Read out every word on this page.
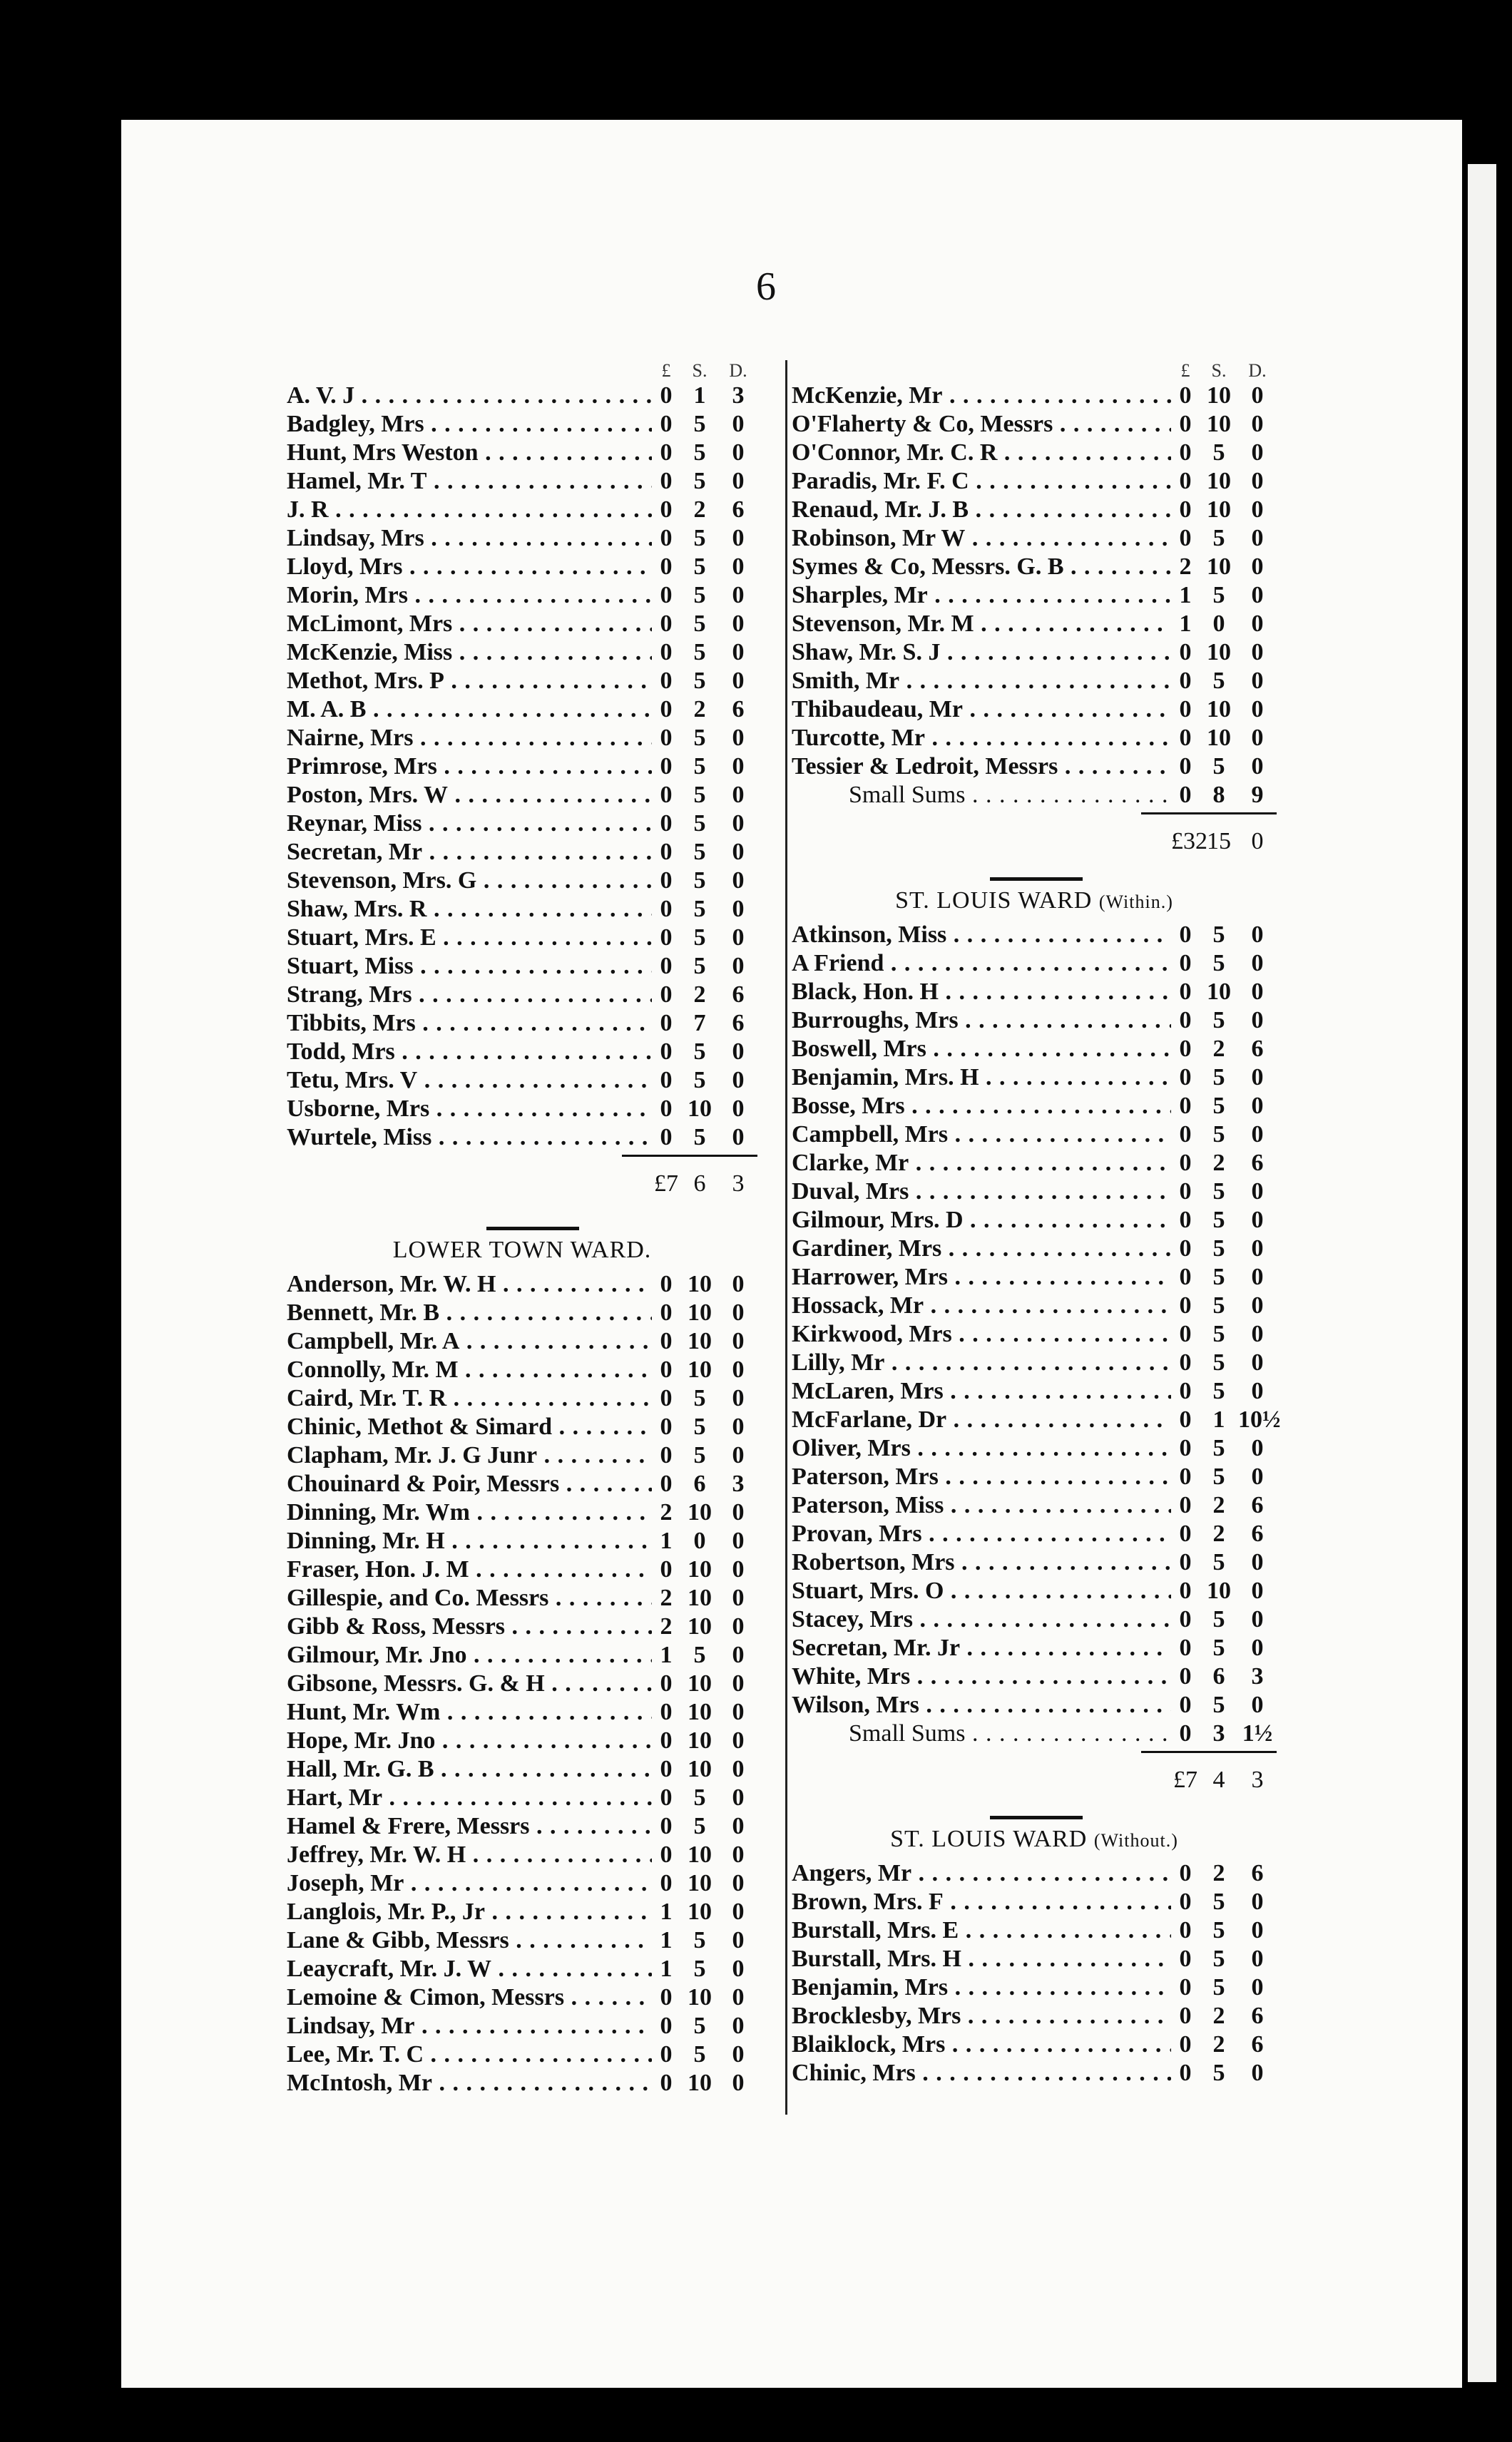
6
£	S.	D.
A. V. J . . .	0 1	3
Badgley, Mrs . . .	0 5	0
Hunt, Mrs Weston . . .	0 5	0
Hamel, Mr. T . . .	0 5	0
J. R . . .	0 2	6
Lindsay, Mrs . . .	0 5	0
Lloyd, Mrs . . .	0 5	0
Morin, Mrs . . .	0 5	0
McLimont, Mrs . . .	0 5	0
McKenzie, Miss . . .	0 5	0
Methot, Mrs. P . . .	0 5	0
M. A. B . . .	0 2	6
Nairne, Mrs . . .	0 5	0
Primrose, Mrs . . .	0 5	0
Poston, Mrs. W . . .	0 5	0
Reynar, Miss . . .	0 5	0
Secretan, Mr . . .	0 5	0
Stevenson, Mrs. G . . .	0 5	0
Shaw, Mrs. R . . .	0 5	0
Stuart, Mrs. E . . .	0 5	0
Stuart, Miss . . .	0 5	0
Strang, Mrs . . .	0 2	6
Tibbits, Mrs . . .	0 7	6
Todd, Mrs . . .	0 5	0
Tetu, Mrs. V . . .	0 5	0
Usborne, Mrs . . .	0 10 0
Wurtele, Miss . . .	0 5	0
£7 6	3
LOWER TOWN WARD.
Anderson, Mr. W. H . . .	0 10 0
Bennett, Mr. B . . .	0 10 0
Campbell, Mr. A . . .	0 10 0
Connolly, Mr. M . . .	0 10 0
Caird, Mr. T. R . . .	0 5	0
Chinic, Methot & Simard . . .	0 5	0
Clapham, Mr. J. G Junr . . .	0 5	0
Chouinard & Poir, Messrs . . .	0 6	3
Dinning, Mr. Wm . . .	2 10 0
Dinning, Mr. H . . .	1 0	0
Fraser, Hon. J. M . . .	0 10 0
Gillespie, and Co. Messrs . . .	2 10 0
Gibb & Ross, Messrs . . .	2 10 0
Gilmour, Mr. Jno . . .	1 5	0
Gibsone, Messrs. G. & H . . .	0 10 0
Hunt, Mr. Wm . . .	0 10 0
Hope, Mr. Jno . . .	0 10 0
Hall, Mr. G. B . . .	0 10 0
Hart, Mr . . .	0 5	0
Hamel & Frere, Messrs . . .	0 5	0
Jeffrey, Mr. W. H . . .	0 10 0
Joseph, Mr . . .	0 10 0
Langlois, Mr. P., Jr . . .	1 10 0
Lane & Gibb, Messrs . . .	1 5	0
Leaycraft, Mr. J. W . . .	1 5	0
Lemoine & Cimon, Messrs . . .	0 10 0
Lindsay, Mr . . .	0 5	0
Lee, Mr. T. C . . .	0 5	0
McIntosh, Mr . . .	0 10 0
£	S.	D.
McKenzie, Mr . . .	0 10 0
O'Flaherty & Co, Messrs . . .	0 10 0
O'Connor, Mr. C. R . . .	0 5	0
Paradis, Mr. F. C . . .	0 10 0
Renaud, Mr. J. B . . .	0 10 0
Robinson, Mr W . . .	0 5	0
Symes & Co, Messrs. G. B . . .	2 10 0
Sharples, Mr . . .	1 5	0
Stevenson, Mr. M . . .	1 0	0
Shaw, Mr. S. J . . .	0 10 0
Smith, Mr . . .	0 5	0
Thibaudeau, Mr . . .	0 10 0
Turcotte, Mr . . .	0 10 0
Tessier & Ledroit, Messrs . . .	0 5	0
Small Sums . . .	0 8	9
£32 15 0
ST. LOUIS WARD (Within.)
Atkinson, Miss . . .	0 5	0
A Friend . . .	0 5	0
Black, Hon. H . . .	0 10 0
Burroughs, Mrs . . .	0 5	0
Boswell, Mrs . . .	0 2	6
Benjamin, Mrs. H . . .	0 5	0
Bosse, Mrs . . .	0 5	0
Campbell, Mrs . . .	0 5	0
Clarke, Mr . . .	0 2	6
Duval, Mrs . . .	0 5	0
Gilmour, Mrs. D . . .	0 5	0
Gardiner, Mrs . . .	0 5	0
Harrower, Mrs . . .	0 5	0
Hossack, Mr . . .	0 5	0
Kirkwood, Mrs . . .	0 5	0
Lilly, Mr . . .	0 5	0
McLaren, Mrs . . .	0 5	0
McFarlane, Dr . . .	0 1 10½
Oliver, Mrs . . .	0 5	0
Paterson, Mrs . . .	0 5	0
Paterson, Miss . . .	0 2	6
Provan, Mrs . . .	0 2	6
Robertson, Mrs . . .	0 5	0
Stuart, Mrs. O . . .	0 10 0
Stacey, Mrs . . .	0 5	0
Secretan, Mr. Jr . . .	0 5	0
White, Mrs . . .	0 6	3
Wilson, Mrs . . .	0 5	0
Small Sums . . .	0 3 1½
£7 4	3
ST. LOUIS WARD (Without.)
Angers, Mr . . .	0 2	6
Brown, Mrs. F . . .	0 5	0
Burstall, Mrs. E . . .	0 5	0
Burstall, Mrs. H . . .	0 5	0
Benjamin, Mrs . . .	0 5	0
Brocklesby, Mrs . . .	0 2	6
Blaiklock, Mrs . . .	0 2	6
Chinic, Mrs . . .	0 5	0
